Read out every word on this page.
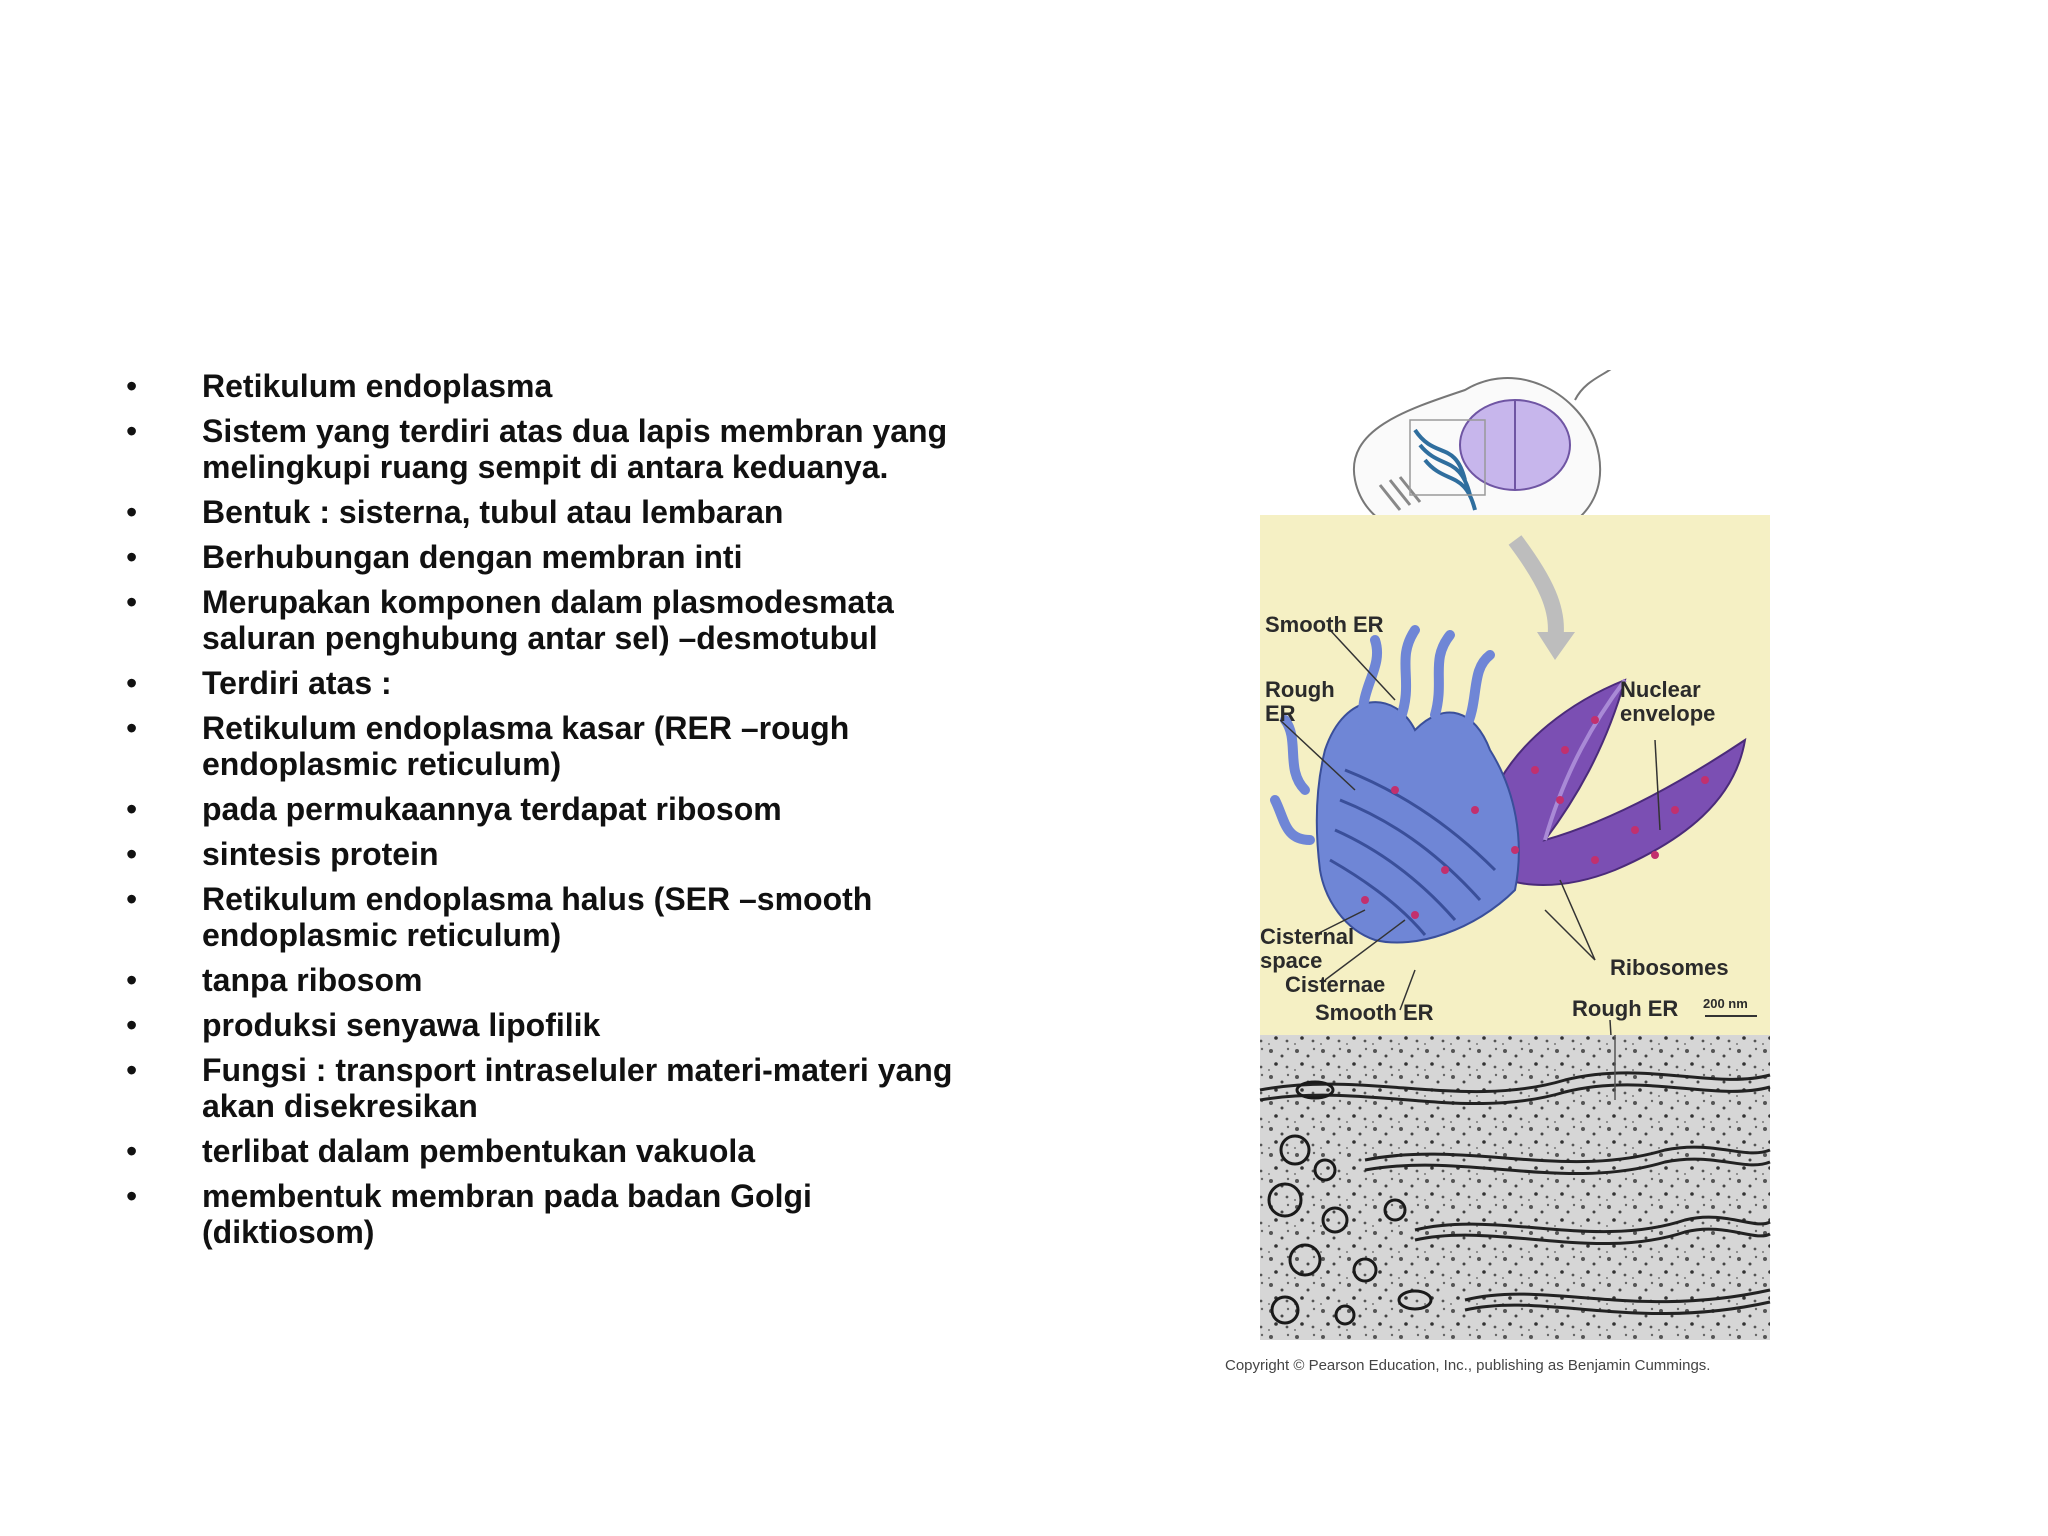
• Retikulum endoplasma
• Sistem yang terdiri atas dua lapis membran yang
melingkupi ruang sempit di antara keduanya.
• Bentuk : sisterna, tubul atau lembaran
• Berhubungan dengan membran inti
• Merupakan komponen dalam plasmodesmata
saluran penghubung antar sel) –desmotubul
• Terdiri atas :
• Retikulum endoplasma kasar (RER –rough
endoplasmic reticulum)
• pada permukaannya terdapat ribosom
• sintesis protein
• Retikulum endoplasma halus (SER –smooth
endoplasmic reticulum)
• tanpa ribosom
• produksi senyawa lipofilik
• Fungsi : transport intraseluler materi-materi yang
akan disekresikan
• terlibat dalam pembentukan vakuola
• membentuk membran pada badan Golgi
(diktiosom)
Smooth ER
Rough
ER
Nuclear
envelope
Cisternal
space
Cisternae
Ribosomes
Smooth ER	Rough ER 200 nm
Copyright © Pearson Education, Inc., publishing as Benjamin Cummings.
